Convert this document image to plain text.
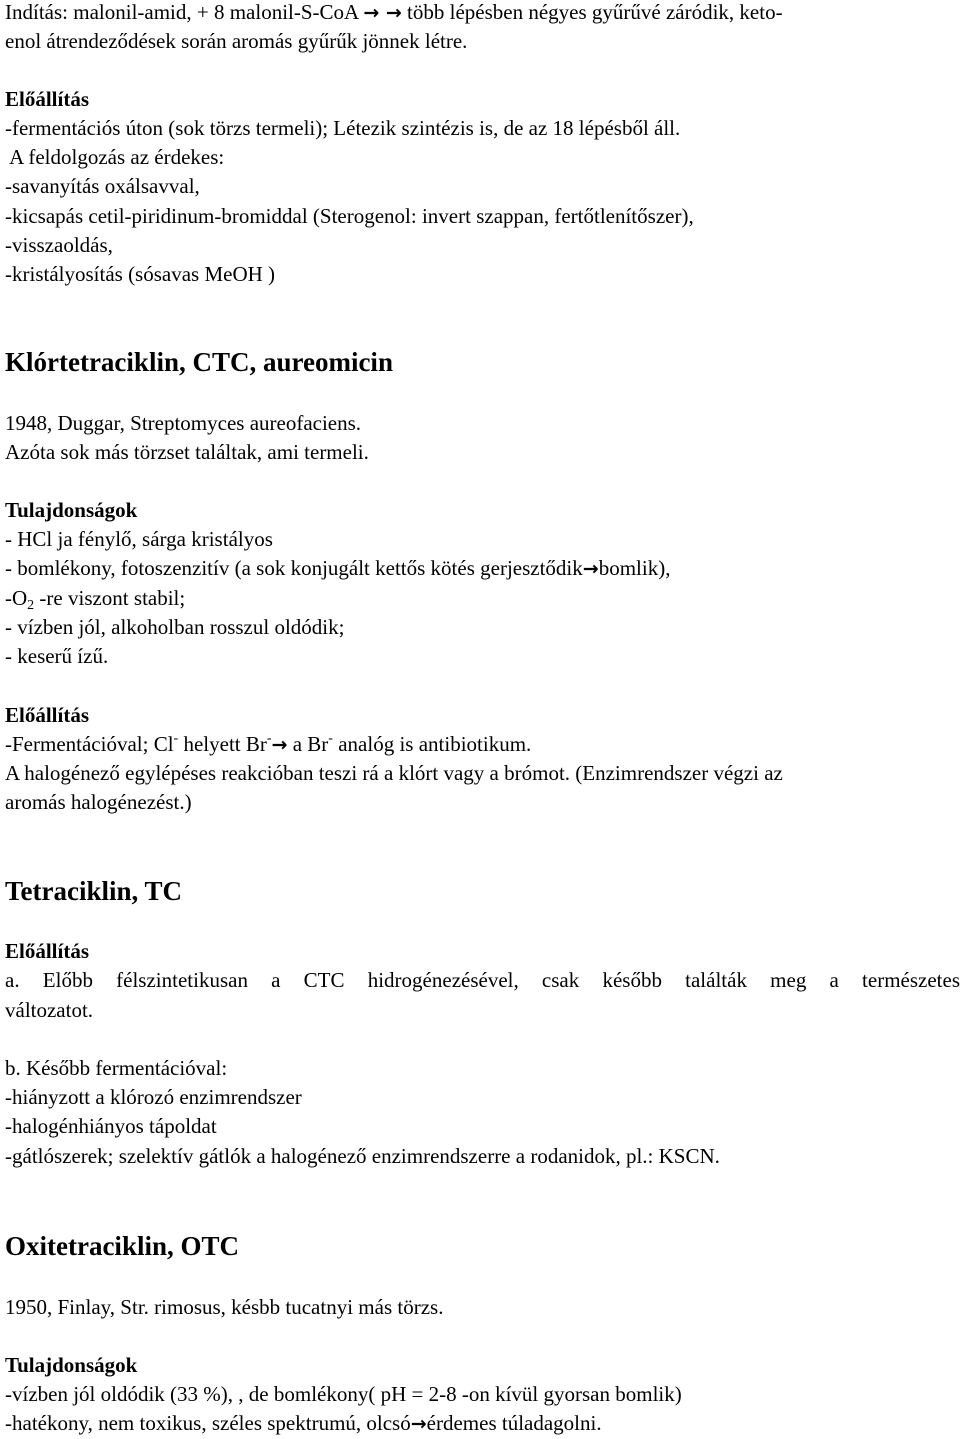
Indítás: malonil-amid, + 8 malonil-S-CoA → → több lépésben négyes gyűrűvé záródik, keto-
enol átrendeződések során aromás gyűrűk jönnek létre.
Előállítás
-fermentációs úton (sok törzs termeli); Létezik szintézis is, de az 18 lépésből áll.
A feldolgozás az érdekes:
-savanyítás oxálsavval,
-kicsapás cetil-piridinum-bromiddal (Sterogenol: invert szappan, fertőtlenítőszer),
-visszaoldás,
-kristályosítás (sósavas MeOH )
Klórtetraciklin, CTC, aureomicin
1948, Duggar, Streptomyces aureofaciens.
Azóta sok más törzset találtak, ami termeli.
Tulajdonságok
- HCl ja fénylő, sárga kristályos
- bomlékony, fotoszenzitív (a sok konjugált kettős kötés gerjesztődik→bomlik),
$-O_2$ -re viszont stabil;
- vízben jól, alkoholban rosszul oldódik;
- keserű ízű.
Előállítás
-Fermentációval; Cl- helyett Br-→ a Br- analóg is antibiotikum.
A halogénező egylépéses reakcióban teszi rá a klórt vagy a brómot. (Enzimrendszer végzi az
aromás halogénezést.)
Tetraciklin, TC
Előállítás
a. Előbb félszintetikusan a CTC hidrogénezésével, csak később találták meg a természetes
változatot.
b. Később fermentációval:
-hiányzott a klórozó enzimrendszer
-halogénhiányos tápoldat
-gátlószerek; szelektív gátlók a halogénező enzimrendszerre a rodanidok, pl.: KSCN.
Oxitetraciklin, OTC
1950, Finlay, Str. rimosus, késbb tucatnyi más törzs.
Tulajdonságok
-vízben jól oldódik (33 %), , de bomlékony( pH = 2-8 -on kívül gyorsan bomlik)
-hatékony, nem toxikus, széles spektrumú, olcsó→érdemes túladagolni.
